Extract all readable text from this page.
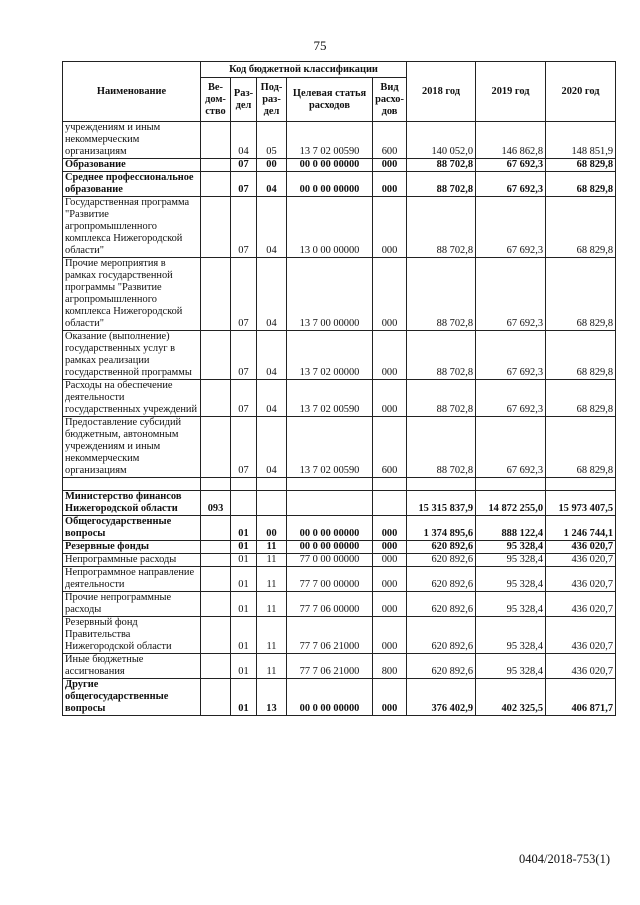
75
Наименование	Код бюджетной классификации					2018 год	2019 год	2020 год
	Ве-дом-ство	Раз-дел	Под-раз-дел	Целевая статья расходов	Вид расхо-дов			
учреждениям и иным некоммерческим организациям		04	05	13 7 02 00590	600	140 052,0	146 862,8	148 851,9
Образование		07	00	00 0 00 00000	000	88 702,8	67 692,3	68 829,8
Среднее профессиональное образование		07	04	00 0 00 00000	000	88 702,8	67 692,3	68 829,8
Государственная программа "Развитие агропромышленного комплекса Нижегородской области"		07	04	13 0 00 00000	000	88 702,8	67 692,3	68 829,8
Прочие мероприятия в рамках государственной программы "Развитие агропромышленного комплекса Нижегородской области"		07	04	13 7 00 00000	000	88 702,8	67 692,3	68 829,8
Оказание (выполнение) государственных услуг в рамках реализации государственной программы		07	04	13 7 02 00000	000	88 702,8	67 692,3	68 829,8
Расходы на обеспечение деятельности государственных учреждений		07	04	13 7 02 00590	000	88 702,8	67 692,3	68 829,8
Предоставление субсидий бюджетным, автономным учреждениям и иным некоммерческим организациям		07	04	13 7 02 00590	600	88 702,8	67 692,3	68 829,8

Министерство финансов Нижегородской области	093					15 315 837,9	14 872 255,0	15 973 407,5
Общегосударственные вопросы		01	00	00 0 00 00000	000	1 374 895,6	888 122,4	1 246 744,1
Резервные фонды		01	11	00 0 00 00000	000	620 892,6	95 328,4	436 020,7
Непрограммные расходы		01	11	77 0 00 00000	000	620 892,6	95 328,4	436 020,7
Непрограммное направление деятельности		01	11	77 7 00 00000	000	620 892,6	95 328,4	436 020,7
Прочие непрограммные расходы		01	11	77 7 06 00000	000	620 892,6	95 328,4	436 020,7
Резервный фонд Правительства Нижегородской области		01	11	77 7 06 21000	000	620 892,6	95 328,4	436 020,7
Иные бюджетные ассигнования		01	11	77 7 06 21000	800	620 892,6	95 328,4	436 020,7
Другие общегосударственные вопросы		01	13	00 0 00 00000	000	376 402,9	402 325,5	406 871,7
0404/2018-753(1)
